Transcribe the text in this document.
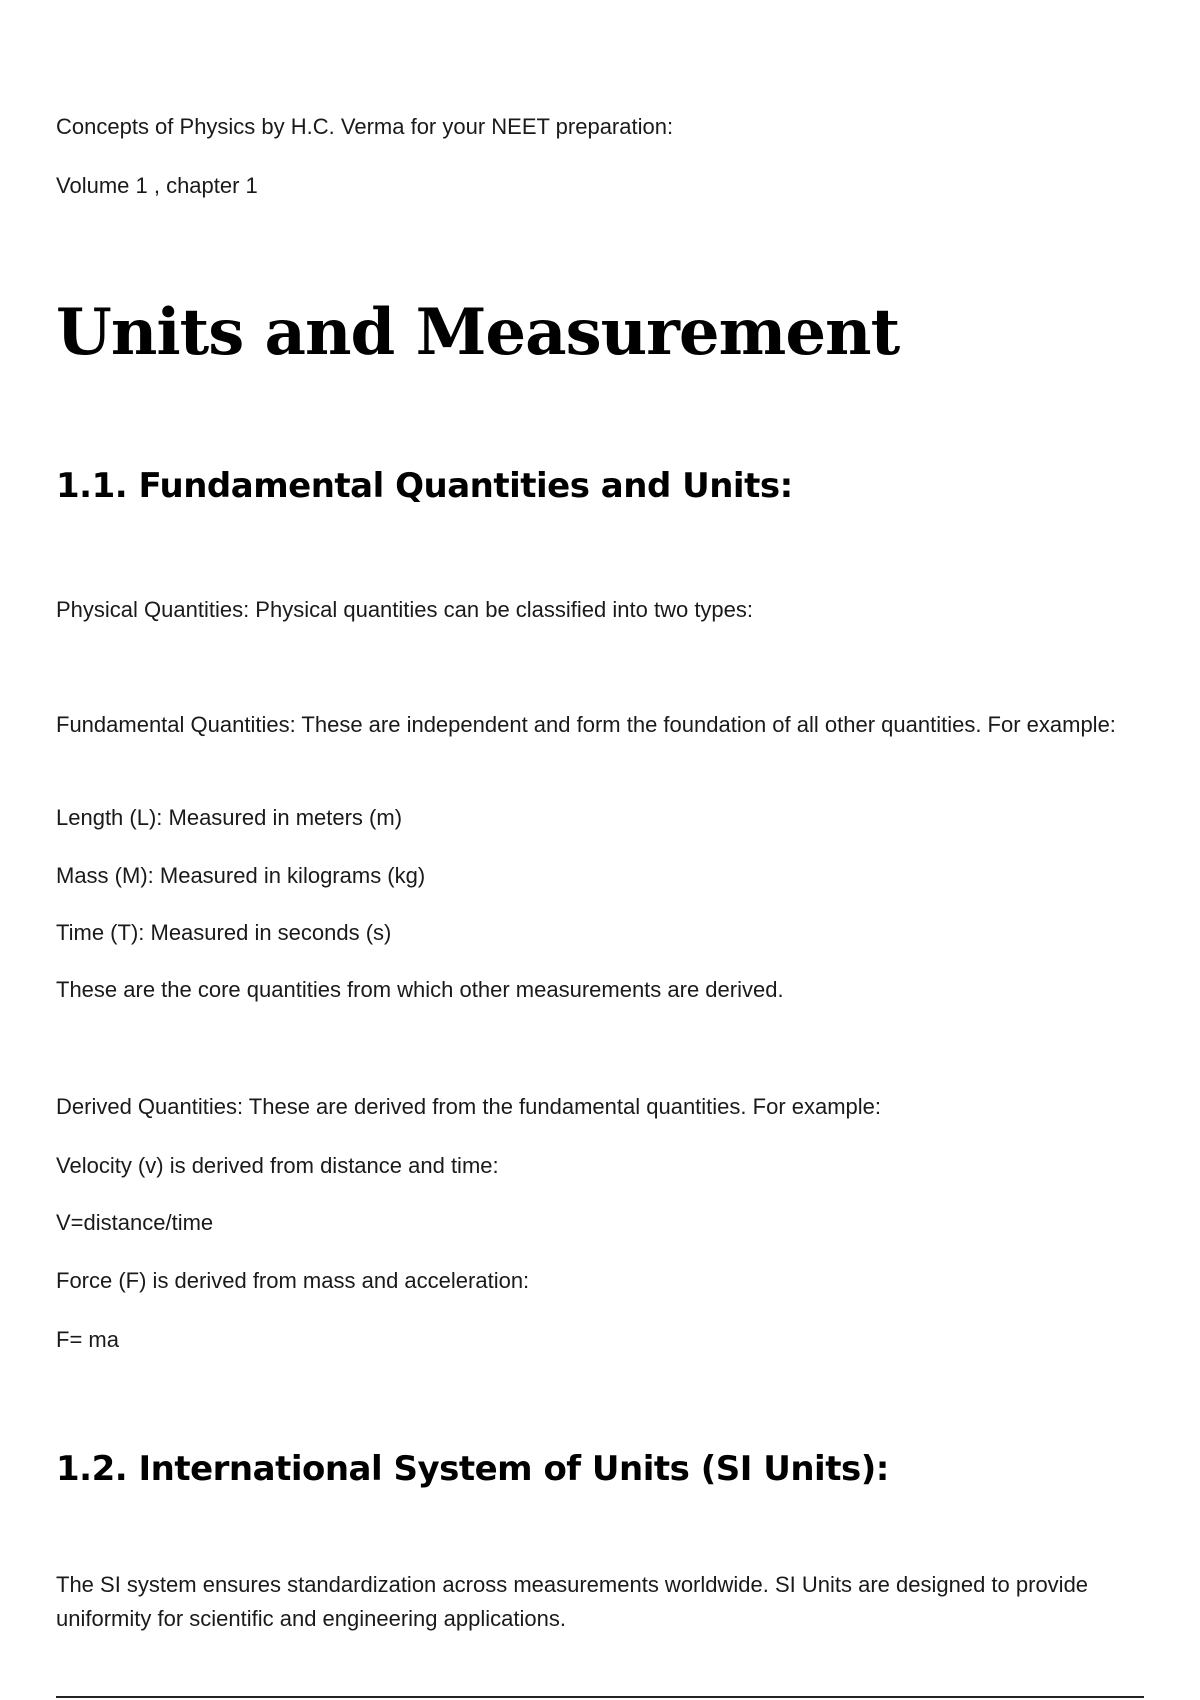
Concepts of Physics by H.C. Verma for your NEET preparation:

Volume 1 , chapter 1

Units and Measurement
1.1. Fundamental Quantities and Units:

Physical Quantities: Physical quantities can be classified into two types:

Fundamental Quantities: These are independent and form the foundation of all other quantities. For example:

Length (L): Measured in meters (m)

Mass (M): Measured in kilograms (kg)

Time (T): Measured in seconds (s)

These are the core quantities from which other measurements are derived.

Derived Quantities: These are derived from the fundamental quantities. For example:

Velocity (v) is derived from distance and time:

V=distance/time

Force (F) is derived from mass and acceleration:

F= ma

1.2. International System of Units (SI Units):

The SI system ensures standardization across measurements worldwide. SI Units are designed to provide uniformity for scientific and engineering applications.
